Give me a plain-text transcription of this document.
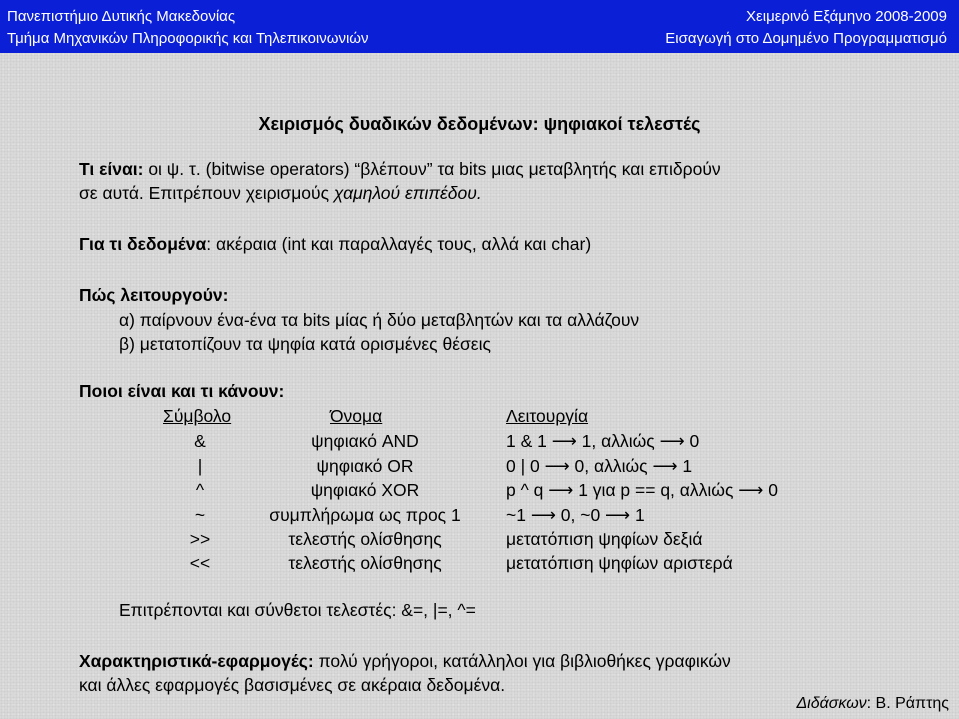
Πανεπιστήμιο Δυτικής Μακεδονίας
Τμήμα Μηχανικών Πληροφορικής και Τηλεπικοινωνιών
Χειμερινό Εξάμηνο 2008-2009
Εισαγωγή στο Δομημένο Προγραμματισμό
Χειρισμός δυαδικών δεδομένων: ψηφιακοί τελεστές
Τι είναι: οι ψ. τ. (bitwise operators) “βλέπουν” τα bits μιας μεταβλητής και επιδρούν
σε αυτά. Επιτρέπουν χειρισμούς χαμηλού επιπέδου.
Για τι δεδομένα: ακέραια (int και παραλλαγές τους, αλλά και char)
Πώς λειτουργούν:
α) παίρνουν ένα-ένα τα bits μίας ή δύο μεταβλητών και τα αλλάζουν
β) μετατοπίζουν τα ψηφία κατά ορισμένες θέσεις
Ποιοι είναι και τι κάνουν:
Σύμβολο	Όνομα	Λειτουργία
&	ψηφιακό AND	1 & 1 ⟶ 1, αλλιώς ⟶ 0
|	ψηφιακό OR	0 | 0 ⟶ 0, αλλιώς ⟶ 1
^	ψηφιακό XOR	p ^ q ⟶ 1 για p == q, αλλιώς ⟶ 0
~	συμπλήρωμα ως προς 1	~1 ⟶ 0, ~0 ⟶ 1
>>	τελεστής ολίσθησης	μετατόπιση ψηφίων δεξιά
<<	τελεστής ολίσθησης	μετατόπιση ψηφίων αριστερά
Επιτρέπονται και σύνθετοι τελεστές: &=, |=, ^=
Χαρακτηριστικά-εφαρμογές: πολύ γρήγοροι, κατάλληλοι για βιβλιοθήκες γραφικών
και άλλες εφαρμογές βασισμένες σε ακέραια δεδομένα.
Διδάσκων: Β. Ράπτης
